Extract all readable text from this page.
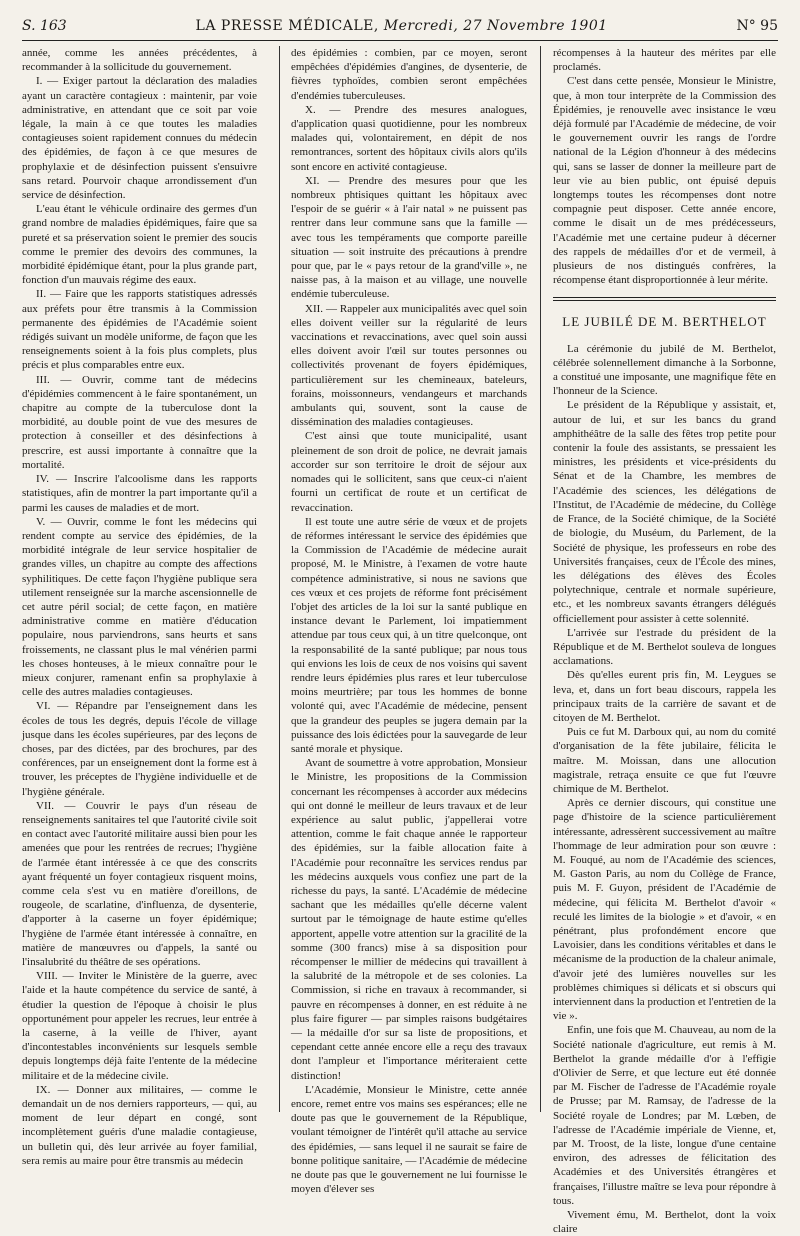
S. 163	LA PRESSE MÉDICALE, Mercredi, 27 Novembre 1901	N° 95

année, comme les années précédentes, à recommander à la sollicitude du gouvernement.

I. — Exiger partout la déclaration des maladies ayant un caractère contagieux : maintenir, par voie administrative, en attendant que ce soit par voie légale, la main à ce que toutes les maladies contagieuses soient rapidement connues du médecin des épidémies, de façon à ce que mesures de prophylaxie et de désinfection puissent s'ensuivre sans retard. Pourvoir chaque arrondissement d'un service de désinfection.

L'eau étant le véhicule ordinaire des germes d'un grand nombre de maladies épidémiques, faire que sa pureté et sa préservation soient le premier des soucis comme le premier des devoirs des communes, la morbidité épidémique étant, pour la plus grande part, fonction d'un mauvais régime des eaux.

II. — Faire que les rapports statistiques adressés aux préfets pour être transmis à la Commission permanente des épidémies de l'Académie soient rédigés suivant un modèle uniforme, de façon que les renseignements soient à la fois plus complets, plus précis et plus comparables entre eux.

III. — Ouvrir, comme tant de médecins d'épidémies commencent à le faire spontanément, un chapitre au compte de la tuberculose dont la morbidité, au double point de vue des mesures de protection à conseiller et des désinfections à prescrire, est aussi importante à connaître que la mortalité.

IV. — Inscrire l'alcoolisme dans les rapports statistiques, afin de montrer la part importante qu'il a parmi les causes de maladies et de mort.

V. — Ouvrir, comme le font les médecins qui rendent compte au service des épidémies, de la morbidité intégrale de leur service hospitalier de grandes villes, un chapitre au compte des affections syphilitiques. De cette façon l'hygiène publique sera utilement renseignée sur la marche ascensionnelle de cet autre péril social; de cette façon, en matière administrative comme en matière d'éducation populaire, nous parviendrons, sans heurts et sans froissements, ne classant plus le mal vénérien parmi les choses honteuses, à le mieux connaître pour le mieux conjurer, ramenant enfin sa prophylaxie à celle des autres maladies contagieuses.

VI. — Répandre par l'enseignement dans les écoles de tous les degrés, depuis l'école de village jusque dans les écoles supérieures, par des leçons de choses, par des dictées, par des brochures, par des conférences, par un enseignement dont la forme est à trouver, les préceptes de l'hygiène individuelle et de l'hygiène générale.

VII. — Couvrir le pays d'un réseau de renseignements sanitaires tel que l'autorité civile soit en contact avec l'autorité militaire aussi bien pour les amenées que pour les rentrées de recrues; l'hygiène de l'armée étant intéressée à ce que des conscrits ayant fréquenté un foyer contagieux risquent moins, comme cela s'est vu en matière d'oreillons, de rougeole, de scarlatine, d'influenza, de dysenterie, d'apporter à la caserne un foyer épidémique; l'hygiène de l'armée étant intéressée à connaître, en matière de manœuvres ou d'appels, la santé ou l'insalubrité du théâtre de ses opérations.

VIII. — Inviter le Ministère de la guerre, avec l'aide et la haute compétence du service de santé, à étudier la question de l'époque à choisir le plus opportunément pour appeler les recrues, leur entrée à la caserne, à la veille de l'hiver, ayant d'incontestables inconvénients sur lesquels semble depuis longtemps déjà faite l'entente de la médecine militaire et de la médecine civile.

IX. — Donner aux militaires, — comme le demandait un de nos derniers rapporteurs, — qui, au moment de leur départ en congé, sont incomplètement guéris d'une maladie contagieuse, un bulletin qui, dès leur arrivée au foyer familial, sera remis au maire pour être transmis au médecin

des épidémies : combien, par ce moyen, seront empêchées d'épidémies d'angines, de dysenterie, de fièvres typhoïdes, combien seront empêchées d'endémies tuberculeuses.

X. — Prendre des mesures analogues, d'application quasi quotidienne, pour les nombreux malades qui, volontairement, en dépit de nos remontrances, sortent des hôpitaux civils alors qu'ils sont encore en activité contagieuse.

XI. — Prendre des mesures pour que les nombreux phtisiques quittant les hôpitaux avec l'espoir de se guérir « à l'air natal » ne puissent pas rentrer dans leur commune sans que la famille — avec tous les tempéraments que comporte pareille situation — soit instruite des précautions à prendre pour que, par le « pays retour de la grand'ville », ne naisse pas, à la maison et au village, une nouvelle endémie tuberculeuse.

XII. — Rappeler aux municipalités avec quel soin elles doivent veiller sur la régularité de leurs vaccinations et revaccinations, avec quel soin aussi elles doivent avoir l'œil sur toutes personnes ou collectivités provenant de foyers épidémiques, particulièrement sur les chemineaux, bateleurs, forains, moissonneurs, vendangeurs et marchands ambulants qui, souvent, sont la cause de dissémination des maladies contagieuses.

C'est ainsi que toute municipalité, usant pleinement de son droit de police, ne devrait jamais accorder sur son territoire le droit de séjour aux nomades qui le sollicitent, sans que ceux-ci n'aient fourni un certificat de route et un certificat de revaccination.

Il est toute une autre série de vœux et de projets de réformes intéressant le service des épidémies que la Commission de l'Académie de médecine aurait proposé, M. le Ministre, à l'examen de votre haute compétence administrative, si nous ne savions que ces vœux et ces projets de réforme font précisément l'objet des articles de la loi sur la santé publique en instance devant le Parlement, loi impatiemment attendue par tous ceux qui, à un titre quelconque, ont la responsabilité de la santé publique; par nous tous qui envions les lois de ceux de nos voisins qui savent rendre leurs épidémies plus rares et leur tuberculose moins meurtrière; par tous les hommes de bonne volonté qui, avec l'Académie de médecine, pensent que la grandeur des peuples se jugera demain par la puissance des lois édictées pour la sauvegarde de leur santé morale et physique.

Avant de soumettre à votre approbation, Monsieur le Ministre, les propositions de la Commission concernant les récompenses à accorder aux médecins qui ont donné le meilleur de leurs travaux et de leur expérience au salut public, j'appellerai votre attention, comme le fait chaque année le rapporteur des épidémies, sur la faible allocation faite à l'Académie pour reconnaître les services rendus par les médecins auxquels vous confiez une part de la richesse du pays, la santé. L'Académie de médecine sachant que les médailles qu'elle décerne valent surtout par le témoignage de haute estime qu'elles apportent, appelle votre attention sur la gracilité de la somme (300 francs) mise à sa disposition pour récompenser le millier de médecins qui travaillent à la salubrité de la métropole et de ses colonies. La Commission, si riche en travaux à recommander, si pauvre en récompenses à donner, en est réduite à ne plus faire figurer — par simples raisons budgétaires — la médaille d'or sur sa liste de propositions, et cependant cette année encore elle a reçu des travaux dont l'ampleur et l'importance mériteraient cette distinction!

L'Académie, Monsieur le Ministre, cette année encore, remet entre vos mains ses espérances; elle ne doute pas que le gouvernement de la République, voulant témoigner de l'intérêt qu'il attache au service des épidémies, — sans lequel il ne saurait se faire de bonne politique sanitaire, — l'Académie de médecine ne doute pas que le gouvernement ne lui fournisse le moyen d'élever ses

récompenses à la hauteur des mérites par elle proclamés.

C'est dans cette pensée, Monsieur le Ministre, que, à mon tour interprète de la Commission des Épidémies, je renouvelle avec insistance le vœu déjà formulé par l'Académie de médecine, de voir le gouvernement ouvrir les rangs de l'ordre national de la Légion d'honneur à des médecins qui, sans se lasser de donner la meilleure part de leur vie au bien public, ont épuisé depuis longtemps toutes les récompenses dont notre compagnie peut disposer. Cette année encore, comme le disait un de mes prédécesseurs, l'Académie met une certaine pudeur à décerner des rappels de médailles d'or et de vermeil, à plusieurs de nos distingués confrères, la récompense étant disproportionnée à leur mérite.

LE JUBILÉ DE M. BERTHELOT

La cérémonie du jubilé de M. Berthelot, célébrée solennellement dimanche à la Sorbonne, a constitué une imposante, une magnifique fête en l'honneur de la Science.

Le président de la République y assistait, et, autour de lui, et sur les bancs du grand amphithéâtre de la salle des fêtes trop petite pour contenir la foule des assistants, se pressaient les ministres, les présidents et vice-présidents du Sénat et de la Chambre, les membres de l'Académie des sciences, les délégations de l'Institut, de l'Académie de médecine, du Collège de France, de la Société chimique, de la Société de biologie, du Muséum, du Parlement, de la Société de physique, les professeurs en robe des Universités françaises, ceux de l'École des mines, les délégations des élèves des Écoles polytechnique, centrale et normale supérieure, etc., et les nombreux savants étrangers délégués officiellement pour assister à cette solennité.

L'arrivée sur l'estrade du président de la République et de M. Berthelot souleva de longues acclamations.

Dès qu'elles eurent pris fin, M. Leygues se leva, et, dans un fort beau discours, rappela les principaux traits de la carrière de savant et de citoyen de M. Berthelot.

Puis ce fut M. Darboux qui, au nom du comité d'organisation de la fête jubilaire, félicita le maître. M. Moissan, dans une allocution magistrale, retraça ensuite ce que fut l'œuvre chimique de M. Berthelot.

Après ce dernier discours, qui constitue une page d'histoire de la science particulièrement intéressante, adressèrent successivement au maître l'hommage de leur admiration pour son œuvre : M. Fouqué, au nom de l'Académie des sciences, M. Gaston Paris, au nom du Collège de France, puis M. F. Guyon, président de l'Académie de médecine, qui félicita M. Berthelot d'avoir « reculé les limites de la biologie » et d'avoir, « en pénétrant, plus profondément encore que Lavoisier, dans les conditions véritables et dans le mécanisme de la production de la chaleur animale, d'avoir jeté des lumières nouvelles sur les problèmes chimiques si délicats et si obscurs qui interviennent dans la production et l'entretien de la vie ».

Enfin, une fois que M. Chauveau, au nom de la Société nationale d'agriculture, eut remis à M. Berthelot la grande médaille d'or à l'effigie d'Olivier de Serre, et que lecture eut été donnée par M. Fischer de l'adresse de l'Académie royale de Prusse; par M. Ramsay, de l'adresse de la Société royale de Londres; par M. Lœben, de l'adresse de l'Académie impériale de Vienne, et, par M. Troost, de la liste, longue d'une centaine environ, des adresses de félicitation des Académies et des Universités étrangères et françaises, l'illustre maître se leva pour répondre à tous.

Vivement ému, M. Berthelot, dont la voix claire
